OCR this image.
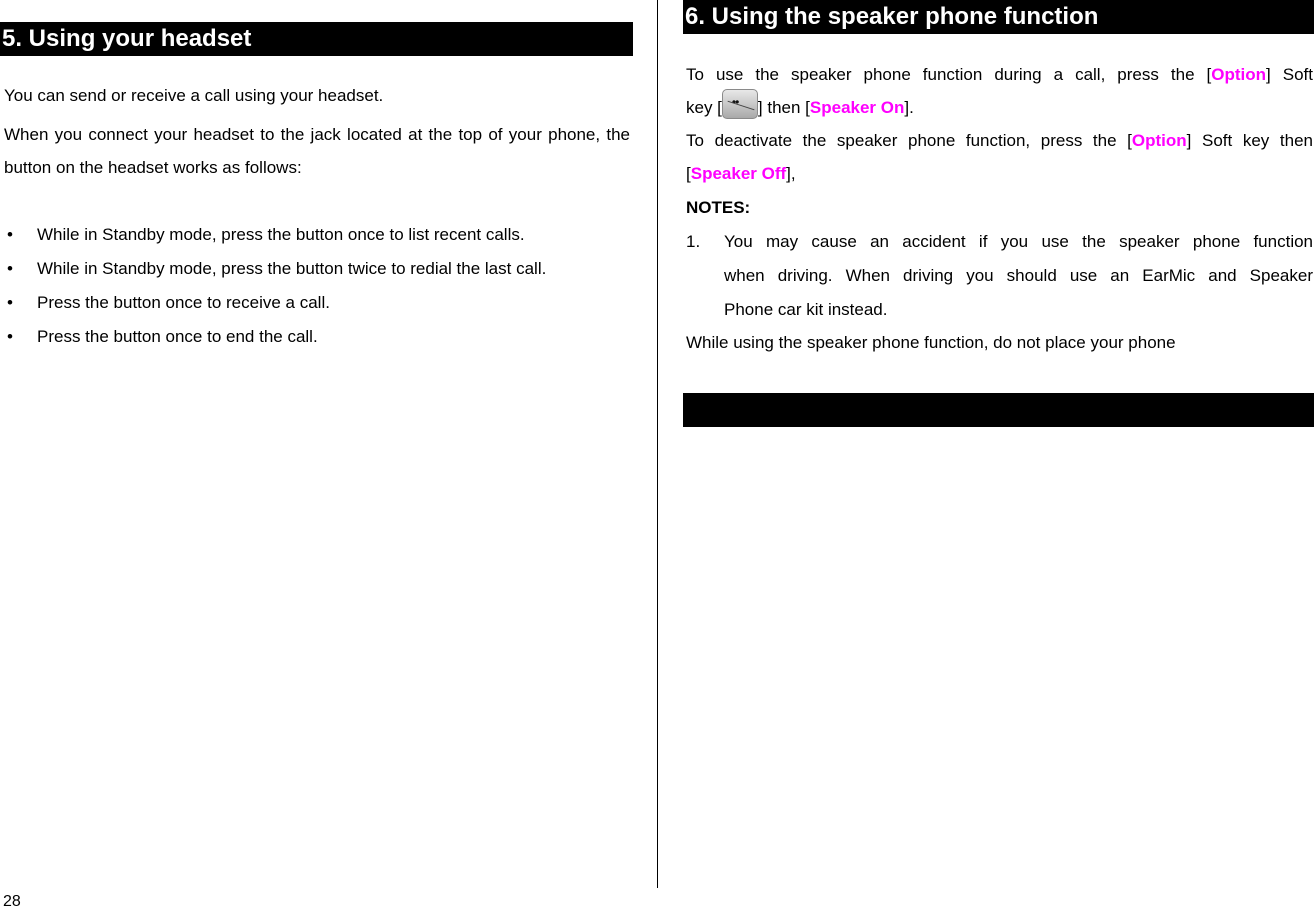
5. Using your headset

You can send or receive a call using your headset.

When you connect your headset to the jack located at the top of your phone, the button on the headset works as follows:

• While in Standby mode, press the button once to list recent calls.
• While in Standby mode, press the button twice to redial the last call.
• Press the button once to receive a call.
• Press the button once to end the call.
6. Using the speaker phone function
To use the speaker phone function during a call, press the [Option] Soft
key [•• ] then [Speaker On].
To deactivate the speaker phone function, press the [Option] Soft key then
[Speaker Off],
NOTES:
1. You may cause an accident if you use the speaker phone function
when driving. When driving you should use an EarMic and Speaker
Phone car kit instead.
While using the speaker phone function, do not place your phone
28
